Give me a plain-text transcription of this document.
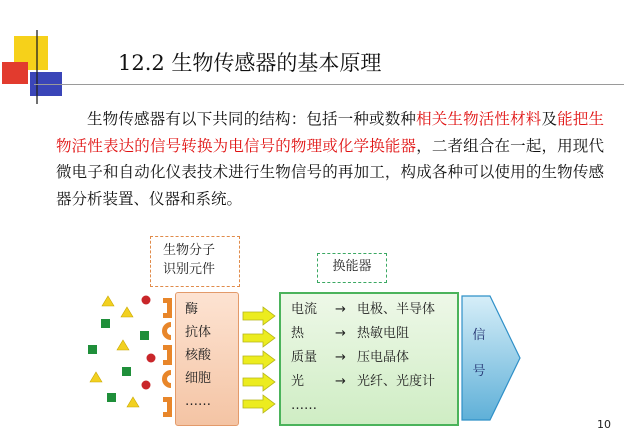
12.2 生物传感器的基本原理
生物传感器有以下共同的结构：包括一种或数种相关生物活性材料及能把生物活性表达的信号转换为电信号的物理或化学换能器，二者组合在一起，用现代微电子和自动化仪表技术进行生物信号的再加工，构成各种可以使用的生物传感器分析装置、仪器和系统。
生物分子
识别元件	换能器
酶
抗体
核酸
细胞
……
电流 → 电极、半导体
热 → 热敏电阻
质量 → 压电晶体
光 → 光纤、光度计
……
信
号
10
